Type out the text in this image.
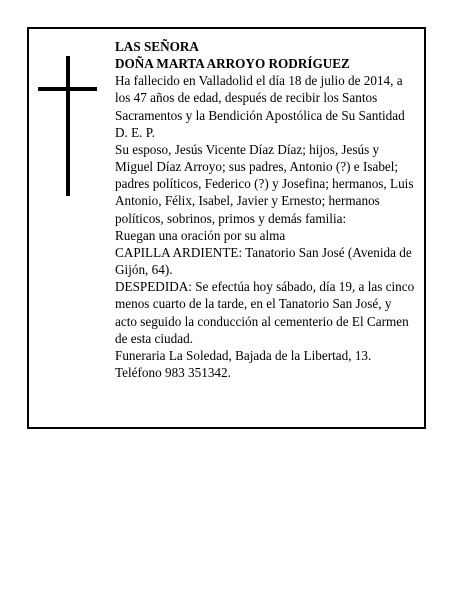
LAS SEÑORA

DOÑA MARTA ARROYO RODRÍGUEZ

Ha fallecido en Valladolid el día 18 de julio de 2014, a los 47 años de edad, después de recibir los Santos Sacramentos y la Bendición Apostólica de Su Santidad D. E. P.

Su esposo, Jesús Vicente Díaz Díaz; hijos, Jesús y Miguel Díaz Arroyo; sus padres, Antonio (?) e Isabel; padres políticos, Federico (?) y Josefina; hermanos, Luis Antonio, Félix, Isabel, Javier y Ernesto; hermanos políticos, sobrinos, primos y demás familia:

Ruegan una oración por su alma

CAPILLA ARDIENTE: Tanatorio San José (Avenida de Gijón, 64).

DESPEDIDA: Se efectúa hoy sábado, día 19, a las cinco menos cuarto de la tarde, en el Tanatorio San José, y acto seguido la conducción al cementerio de El Carmen de esta ciudad.

Funeraria La Soledad, Bajada de la Libertad, 13. Teléfono 983 351342.
